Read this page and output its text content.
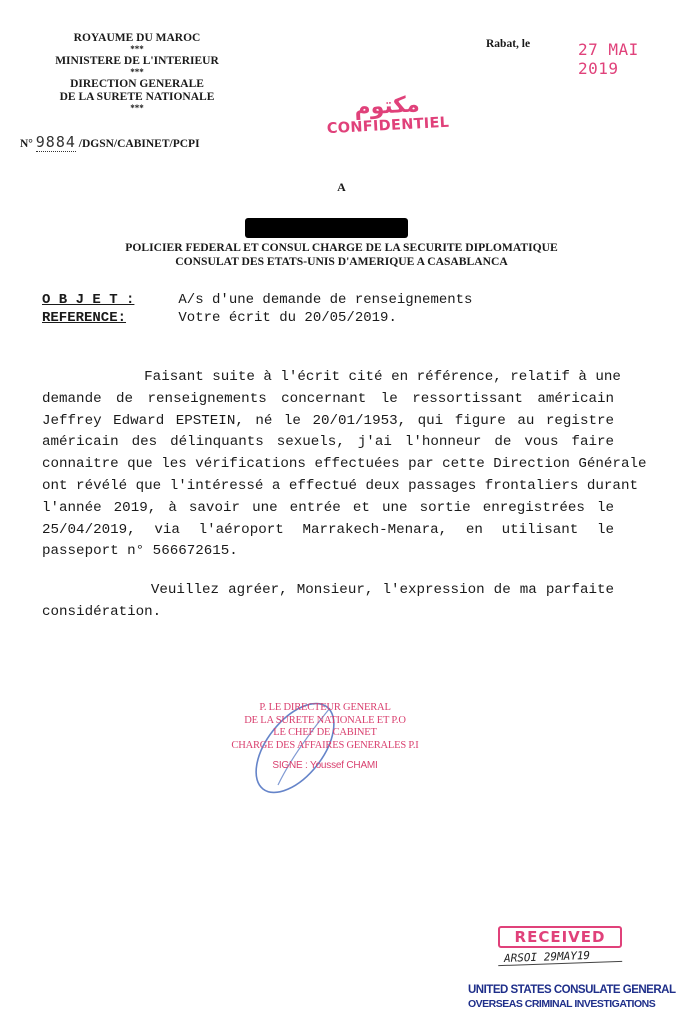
ROYAUME DU MAROC
***
MINISTERE DE L'INTERIEUR
***
DIRECTION GENERALE
DE LA SURETE NATIONALE
***
N° 9884 /DGSN/CABINET/PCPI
Rabat, le	27 MAI 2019
مكتوم
CONFIDENTIEL
A
POLICIER FEDERAL ET CONSUL CHARGE DE LA SECURITE DIPLOMATIQUE
CONSULAT DES ETATS-UNIS D'AMERIQUE A CASABLANCA
O B J E T :	A/s d'une demande de renseignements
REFERENCE:	Votre écrit du 20/05/2019.
Faisant suite à l'écrit cité en référence, relatif à une
demande de renseignements concernant le ressortissant américain
Jeffrey Edward EPSTEIN, né le 20/01/1953, qui figure au registre
américain des délinquants sexuels, j'ai l'honneur de vous faire
connaitre que les vérifications effectuées par cette Direction Générale
ont révélé que l'intéressé a effectué deux passages frontaliers durant
l'année 2019, à savoir une entrée et une sortie enregistrées le
25/04/2019, via l'aéroport Marrakech-Menara, en utilisant le
passeport n° 566672615.
Veuillez agréer, Monsieur, l'expression de ma parfaite
considération.
P. LE DIRECTEUR GENERAL
DE LA SURETE NATIONALE ET P.O
LE CHEF DE CABINET
CHARGE DES AFFAIRES GENERALES P.I
SIGNE : Youssef CHAMI
RECEIVED
ARSOI 29MAY19
UNITED STATES CONSULATE GENERAL
OVERSEAS CRIMINAL INVESTIGATIONS
